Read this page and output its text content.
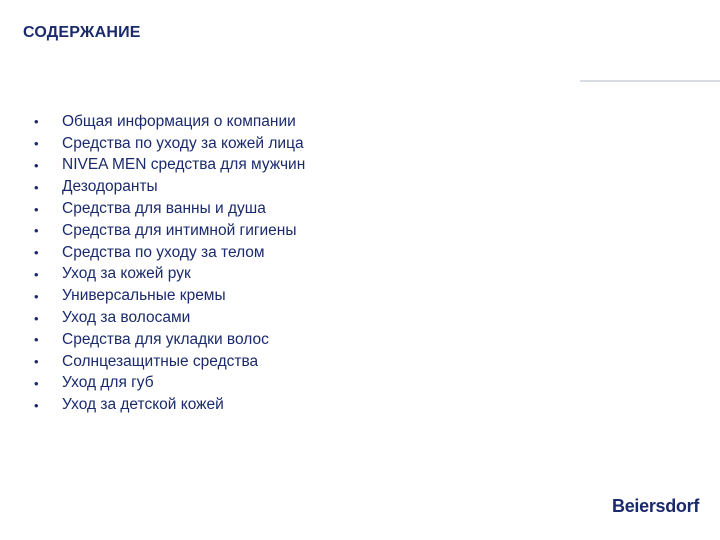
СОДЕРЖАНИЕ
•	Общая информация о компании
•	Средства по уходу за кожей лица
•	NIVEA MEN средства для мужчин
•	Дезодоранты
•	Средства для ванны и душа
•	Средства для интимной гигиены
•	Средства по уходу за телом
•	Уход за кожей рук
•	Универсальные кремы
•	Уход за волосами
•	Средства для укладки волос
•	Солнцезащитные средства
•	Уход для губ
•	Уход за детской кожей
Beiersdorf
